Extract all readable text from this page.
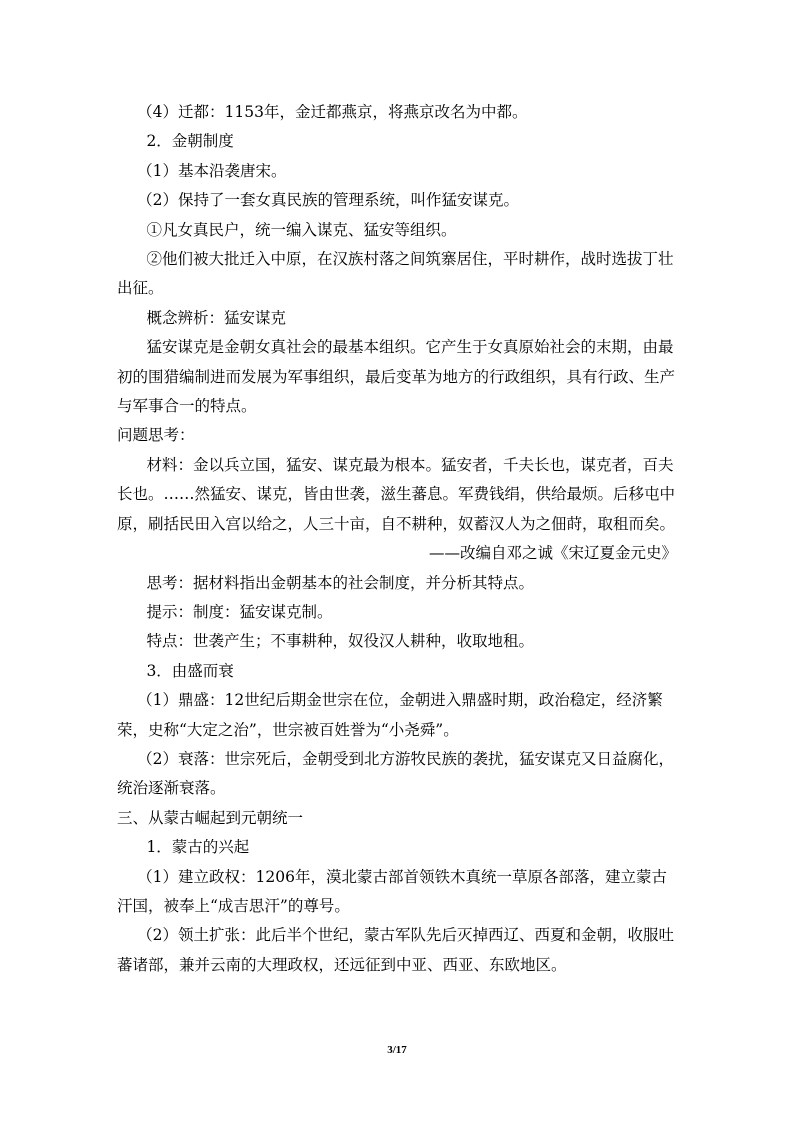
（4）迁都：1153年，金迁都燕京，将燕京改名为中都。

2．金朝制度

（1）基本沿袭唐宋。

（2）保持了一套女真民族的管理系统，叫作猛安谋克。

①凡女真民户，统一编入谋克、猛安等组织。

②他们被大批迁入中原，在汉族村落之间筑寨居住，平时耕作，战时选拔丁壮出征。

概念辨析：猛安谋克

猛安谋克是金朝女真社会的最基本组织。它产生于女真原始社会的末期，由最初的围猎编制进而发展为军事组织，最后变革为地方的行政组织，具有行政、生产与军事合一的特点。

问题思考：

材料：金以兵立国，猛安、谋克最为根本。猛安者，千夫长也，谋克者，百夫长也。……然猛安、谋克，皆由世袭，滋生蕃息。军费钱绢，供给最烦。后移屯中原，刷括民田入宫以给之，人三十亩，自不耕种，奴蓄汉人为之佃莳，取租而矣。

——改编自邓之诚《宋辽夏金元史》

思考：据材料指出金朝基本的社会制度，并分析其特点。

提示：制度：猛安谋克制。

特点：世袭产生；不事耕种，奴役汉人耕种，收取地租。

3．由盛而衰

（1）鼎盛：12世纪后期金世宗在位，金朝进入鼎盛时期，政治稳定，经济繁荣，史称“大定之治”，世宗被百姓誉为“小尧舜”。

（2）衰落：世宗死后，金朝受到北方游牧民族的袭扰，猛安谋克又日益腐化，统治逐渐衰落。

三、从蒙古崛起到元朝统一

1．蒙古的兴起

（1）建立政权：1206年，漠北蒙古部首领铁木真统一草原各部落，建立蒙古汗国，被奉上“成吉思汗”的尊号。

（2）领土扩张：此后半个世纪，蒙古军队先后灭掉西辽、西夏和金朝，收服吐蕃诸部，兼并云南的大理政权，还远征到中亚、西亚、东欧地区。

3/17
